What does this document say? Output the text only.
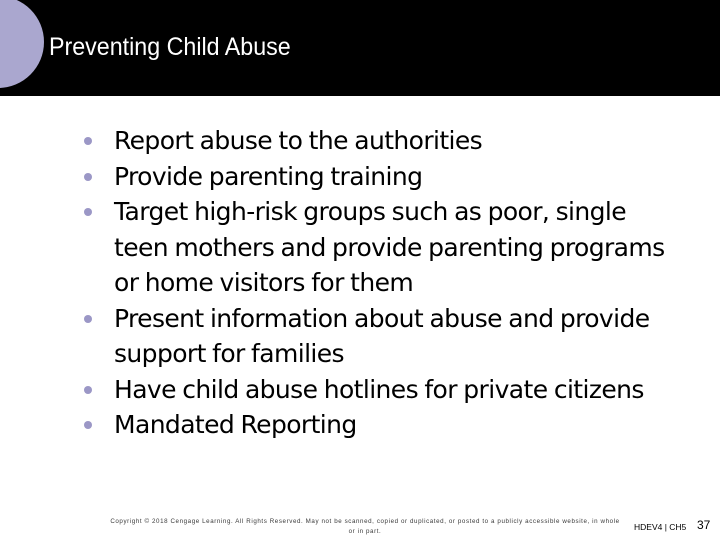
Preventing Child Abuse
Report abuse to the authorities
Provide parenting training
Target high-risk groups such as poor, single teen mothers and provide parenting programs or home visitors for them
Present information about abuse and provide support for families
Have child abuse hotlines for private citizens
Mandated Reporting
Copyright © 2018 Cengage Learning. All Rights Reserved. May not be scanned, copied or duplicated, or posted to a publicly accessible website, in whole or in part.	HDEV4 | CH5 37
